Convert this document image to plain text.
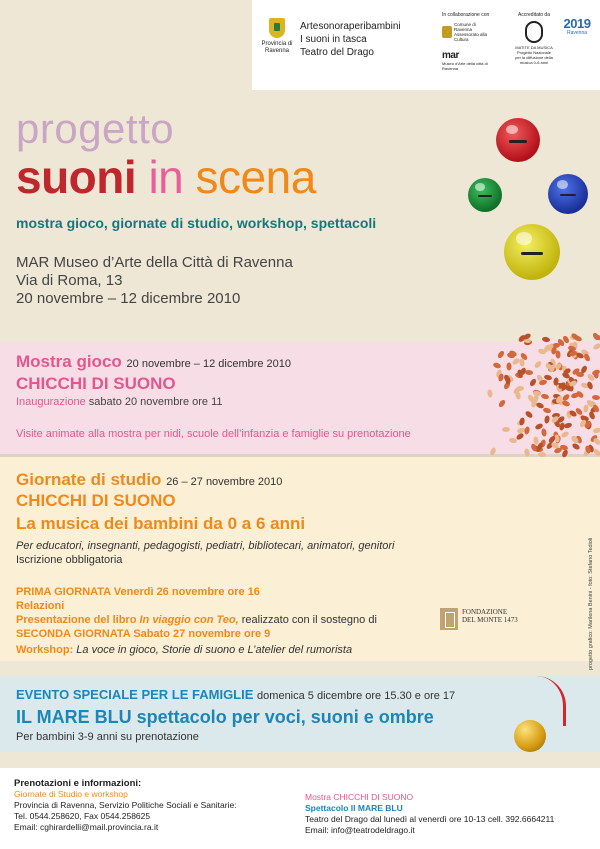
Provincia di Ravenna
Artesonoraperibambini
I suoni in tasca
Teatro del Drago
In collaborazione con
Comune di Ravenna Assessorato alla Cultura
mar
Museo d'Arte della città di Ravenna
Accreditato da
MATITE DA MUSICA
Progetto Nazionale per la diffusione della musica 0-6 anni
2019
Ravenna
progetto
suoni in scena
mostra gioco, giornate di studio, workshop, spettacoli
MAR Museo d’Arte della Città di Ravenna
Via di Roma, 13
20 novembre – 12 dicembre 2010
Mostra gioco 20 novembre – 12 dicembre 2010
CHICCHI DI SUONO
Inaugurazione sabato 20 novembre ore 11
Visite animate alla mostra per nidi, scuole dell’infanzia e famiglie su prenotazione
Giornate di studio 26 – 27 novembre 2010
CHICCHI DI SUONO
La musica dei bambini da 0 a 6 anni
Per educatori, insegnanti, pedagogisti, pediatri, bibliotecari, animatori, genitori
Iscrizione obbligatoria
PRIMA GIORNATA Venerdì 26 novembre ore 16
Relazioni
Presentazione del libro In viaggio con Teo, realizzato con il sostegno di
SECONDA GIORNATA Sabato 27 novembre ore 9
Workshop: La voce in gioco, Storie di suono e L’atelier del rumorista
FONDAZIONE DEL MONTE 1473	progetto grafico: Marilena Benini - foto: Stefano Tedioli
EVENTO SPECIALE PER LE FAMIGLIE domenica 5 dicembre ore 15.30 e ore 17
IL MARE BLU spettacolo per voci, suoni e ombre
Per bambini 3-9 anni su prenotazione
Prenotazioni e informazioni:
Giornate di Studio e workshop
Provincia di Ravenna, Servizio Politiche Sociali e Sanitarie:
Tel. 0544.258620, Fax 0544.258625
Email: cghirardelli@mail.provincia.ra.it
Mostra CHICCHI DI SUONO
Spettacolo Il MARE BLU
Teatro del Drago dal lunedì al venerdì ore 10-13 cell. 392.6664211
Email: info@teatrodeldrago.it
